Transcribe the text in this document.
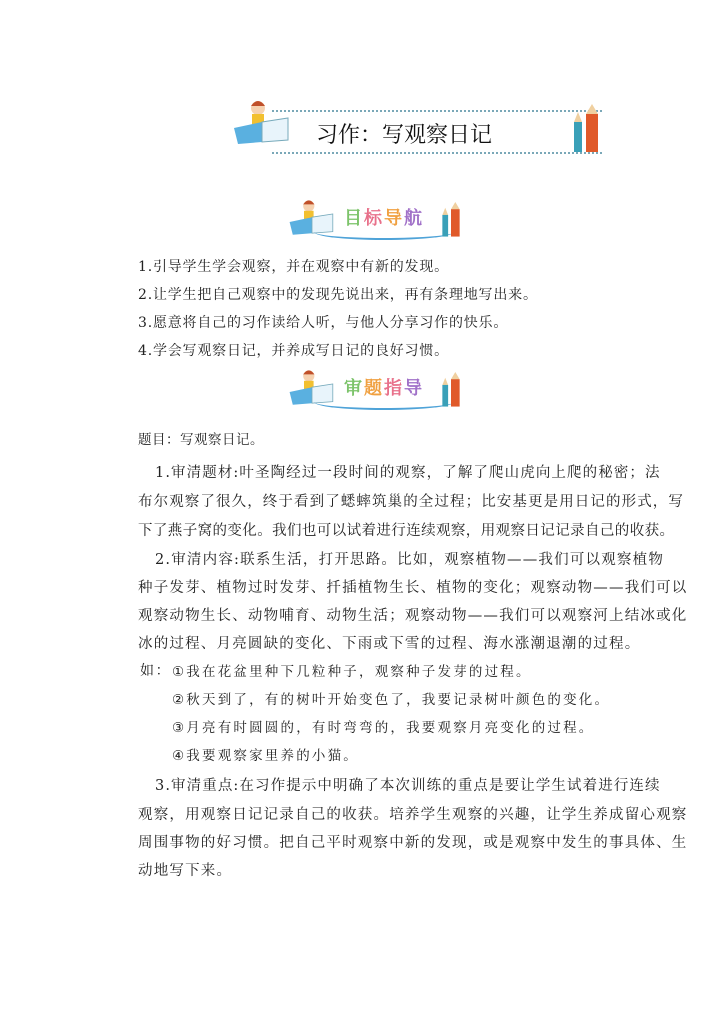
习作：写观察日记
目标导航
1.引导学生学会观察，并在观察中有新的发现。
2.让学生把自己观察中的发现先说出来，再有条理地写出来。
3.愿意将自己的习作读给人听，与他人分享习作的快乐。
4.学会写观察日记，并养成写日记的良好习惯。
审题指导
题目：写观察日记。
1.审清题材:叶圣陶经过一段时间的观察，了解了爬山虎向上爬的秘密；法
布尔观察了很久，终于看到了蟋蟀筑巢的全过程；比安基更是用日记的形式，写
下了燕子窝的变化。我们也可以试着进行连续观察，用观察日记记录自己的收获。
2.审清内容:联系生活，打开思路。比如，观察植物——我们可以观察植物
种子发芽、植物过时发芽、扦插植物生长、植物的变化；观察动物——我们可以
观察动物生长、动物哺育、动物生活；观察动物——我们可以观察河上结冰或化
冰的过程、月亮圆缺的变化、下雨或下雪的过程、海水涨潮退潮的过程。
如： ①我在花盆里种下几粒种子，观察种子发芽的过程。
②秋天到了，有的树叶开始变色了，我要记录树叶颜色的变化。
③月亮有时圆圆的，有时弯弯的，我要观察月亮变化的过程。
④我要观察家里养的小猫。
3.审清重点:在习作提示中明确了本次训练的重点是要让学生试着进行连续
观察，用观察日记记录自己的收获。培养学生观察的兴趣，让学生养成留心观察
周围事物的好习惯。把自己平时观察中新的发现，或是观察中发生的事具体、生
动地写下来。
